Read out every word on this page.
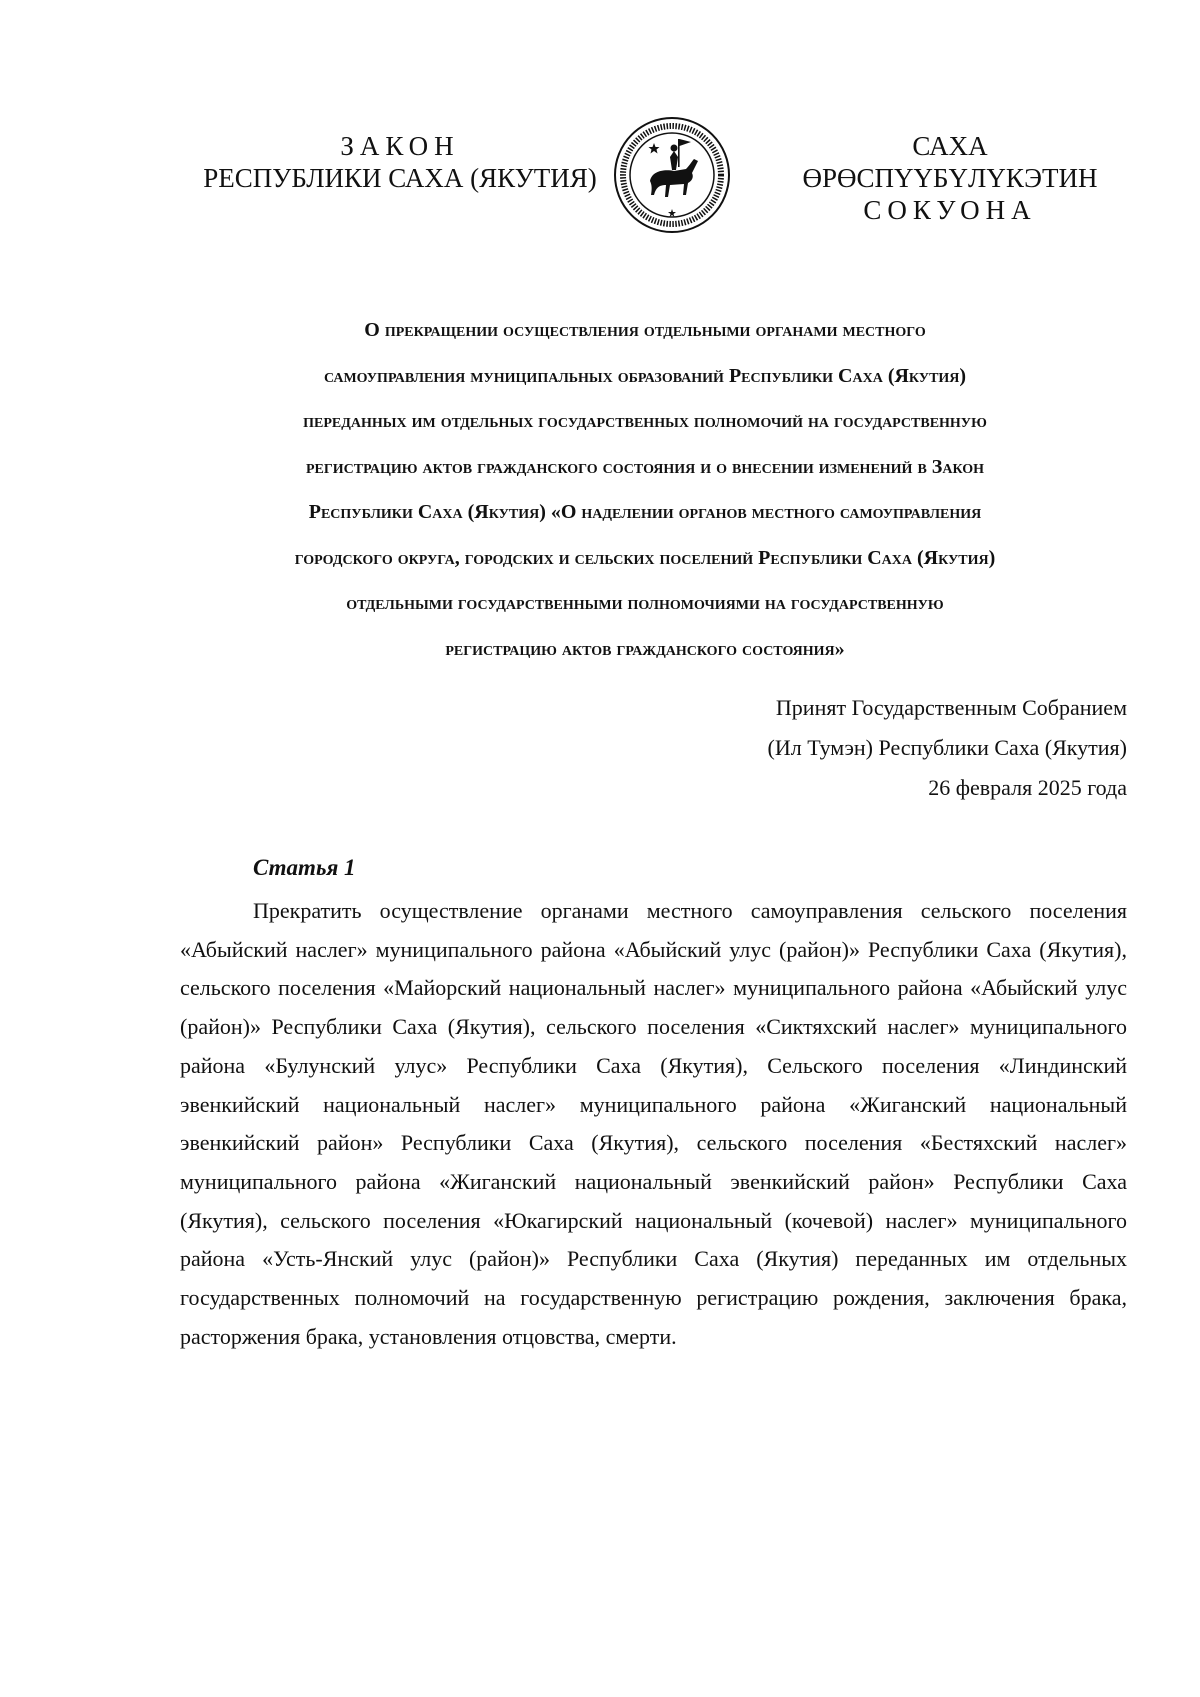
ЗАКОН
РЕСПУБЛИКИ САХА (ЯКУТИЯ)
САХА ӨРӨСПҮҮБҮЛҮКЭТИН
СОКУОНА
О прекращении осуществления отдельными органами местного
самоуправления муниципальных образований Республики Саха (Якутия)
переданных им отдельных государственных полномочий на государственную
регистрацию актов гражданского состояния и о внесении изменений в Закон
Республики Саха (Якутия) «О наделении органов местного самоуправления
городского округа, городских и сельских поселений Республики Саха (Якутия)
отдельными государственными полномочиями на государственную
регистрацию актов гражданского состояния»
Принят Государственным Собранием
(Ил Тумэн) Республики Саха (Якутия)
26 февраля 2025 года
Статья 1
Прекратить осуществление органами местного самоуправления сельского поселения «Абыйский наслег» муниципального района «Абыйский улус (район)» Республики Саха (Якутия), сельского поселения «Майорский национальный наслег» муниципального района «Абыйский улус (район)» Республики Саха (Якутия), сельского поселения «Сиктяхский наслег» муниципального района «Булунский улус» Республики Саха (Якутия), Сельского поселения «Линдинский эвенкийский национальный наслег» муниципального района «Жиганский национальный эвенкийский район» Республики Саха (Якутия), сельского поселения «Бестяхский наслег» муниципального района «Жиганский национальный эвенкийский район» Республики Саха (Якутия), сельского поселения «Юкагирский национальный (кочевой) наслег» муниципального района «Усть-Янский улус (район)» Республики Саха (Якутия) переданных им отдельных государственных полномочий на государственную регистрацию рождения, заключения брака, расторжения брака, установления отцовства, смерти.
